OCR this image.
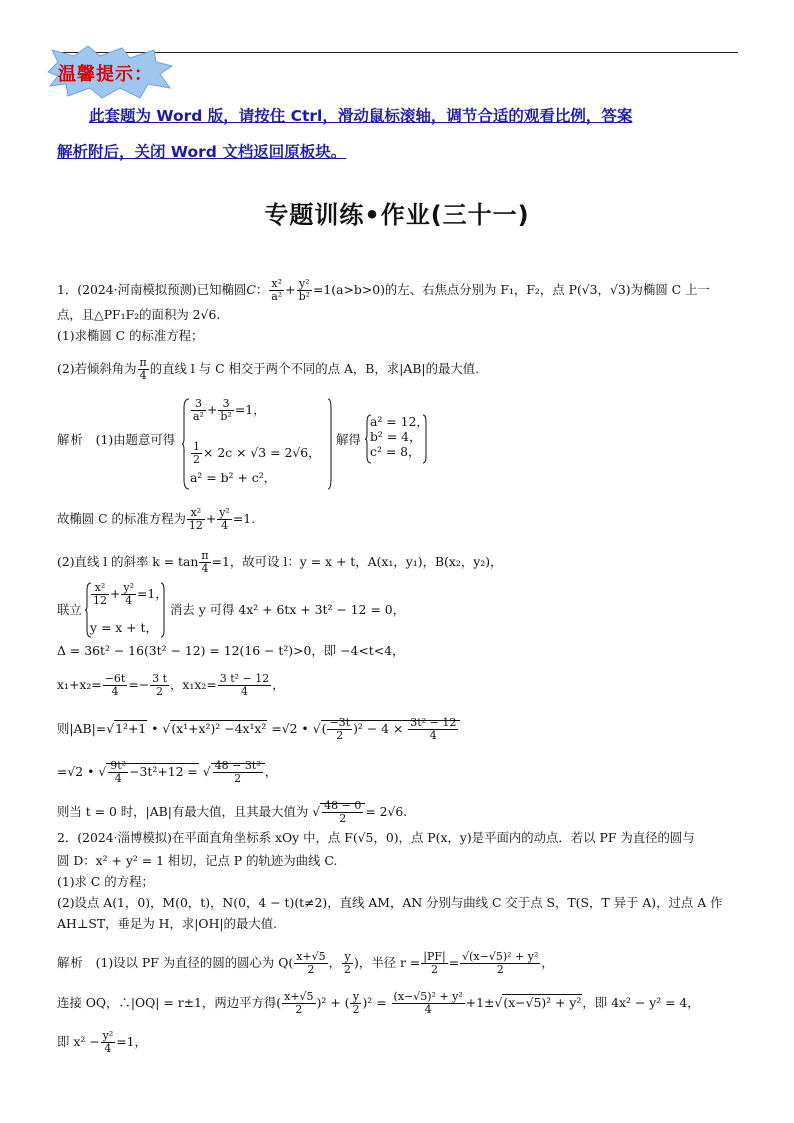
温馨提示：
此套题为 Word 版，请按住 Ctrl，滑动鼠标滚轴，调节合适的观看比例，答案
解析附后，关闭 Word 文档返回原板块。
专题训练•作业(三十一)
1．(2024·河南模拟预测)已知椭圆C： $\frac{\text{x²}}{\text{a²}} + \frac{\text{y²}}{\text{b²}} =1(a>b>0)$的左、右焦点分别为 F₁，F₂，点 P(√3，√3)为椭圆 C 上一
点，且△PF₁F₂的面积为 2√6.
(1)求椭圆 C 的标准方程；
(2)若倾斜角为 $\frac{\pi}{4}$ 的直线 l 与 C 相交于两个不同的点 A，B，求|AB|的最大值.
解析 (1)由题意可得
$\frac{3}{\text{a²}} + \frac{3}{\text{b²}} =1$，
$\frac{1}{2} \times 2c \times √3 = 2√6$，
a² = b² + c²，
解得
a² = 12，
b² = 4，
c² = 8，
故椭圆 C 的标准方程为 $\frac{\text{x²}}{12} + \frac{\text{y²}}{4} =1$.
(2)直线 l 的斜率 $k = \tan \frac{\pi}{4} =1$，故可设 l：y = x + t，A(x₁，y₁)，B(x₂，y₂)，
联立
$\frac{\text{x²}}{12} + \frac{\text{y²}}{4} =1$，
y = x + t，
消去 y 可得 4x² + 6tx + 3t² − 12 = 0，
Δ = 36t² − 16(3t² − 12) = 12(16 − t²)>0，即 −4<t<4，
$x_1+x_2= \frac{-6t}{4} =- \frac{3 t}{2}$ ，$x_1x_2= \frac{\text{3 t² − 12}}{4}$ ，
则|AB|=√1²+1 • √(x¹+x²)² −4x¹x² =√2 • √( $\frac{-3t}{2} )^2 - 4 \times \frac{\text{3t² − 12}}{4}$
=√2 • √ $\frac{\text{9t²}}{4} -3t^2+12$ = √ $\frac{\text{48 − 3t²}}{2}$ ，
则当 t = 0 时，|AB|有最大值，且其最大值为 √ $\frac{48 - 0}{2} = 2√6$.
2．(2024·淄博模拟)在平面直角坐标系 xOy 中，点 F(√5，0)，点 P(x，y)是平面内的动点．若以 PF 为直径的圆与
圆 D：x² + y² = 1 相切，记点 P 的轨迹为曲线 C.
(1)求 C 的方程；
(2)设点 A(1，0)，M(0，t)，N(0，4 − t)(t≠2)，直线 AM，AN 分别与曲线 C 交于点 S，T(S，T 异于 A)，过点 A 作
AH⊥ST，垂足为 H，求|OH|的最大值.
解析 (1)设以 PF 为直径的圆的圆心为 $Q( \frac{x+√5}{2}$ ， $\frac{y}{2}$ )，半径 $r = \frac{|PF|}{2} = \frac{\text{√(x−√5)² + y²}}{2}$ ，
连接 OQ，∴|OQ| = r±1，两边平方得( $\frac{x+√5}{2} )^2$ + ( $\frac{y}{2} )^2 = \frac{\text{(x−√5)² + y²}}{4} +1\pm√(x-√5)^2 + y^2$，即 4x² − y² = 4，
即 $x^2 - \frac{\text{y²}}{4} =1$，
